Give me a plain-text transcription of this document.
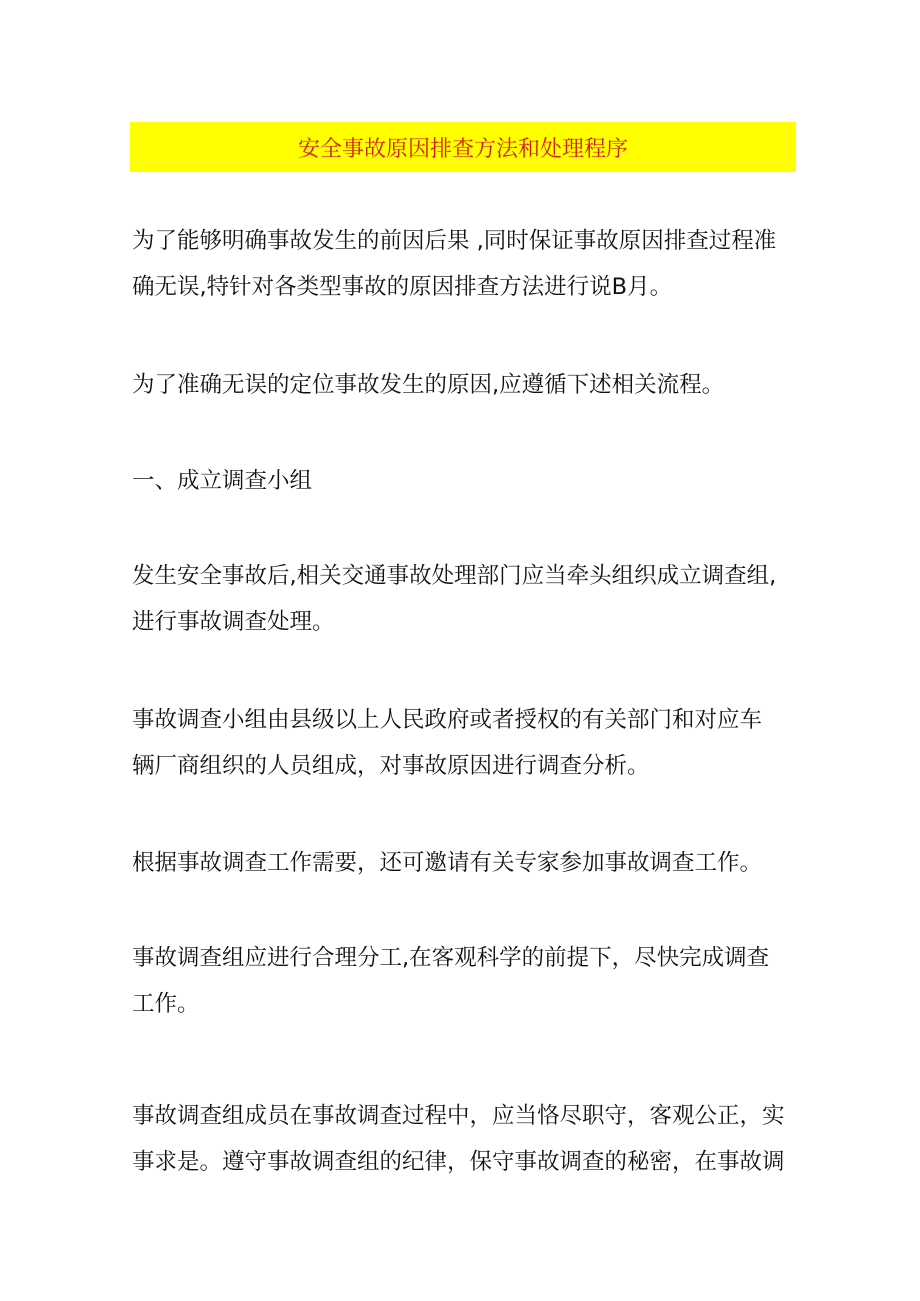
安全事故原因排查方法和处理程序
为了能够明确事故发生的前因后果 ,同时保证事故原因排查过程准
确无误,特针对各类型事故的原因排查方法进行说B月。
为了准确无误的定位事故发生的原因,应遵循下述相关流程。
一、成立调查小组
发生安全事故后,相关交通事故处理部门应当牵头组织成立调查组,
进行事故调查处理。
事故调查小组由县级以上人民政府或者授权的有关部门和对应车
辆厂商组织的人员组成，对事故原因进行调查分析。
根据事故调查工作需要，还可邀请有关专家参加事故调查工作。
事故调查组应进行合理分工,在客观科学的前提下，尽快完成调查
工作。
事故调查组成员在事故调查过程中，应当恪尽职守，客观公正，实
事求是。遵守事故调查组的纪律，保守事故调查的秘密，在事故调
